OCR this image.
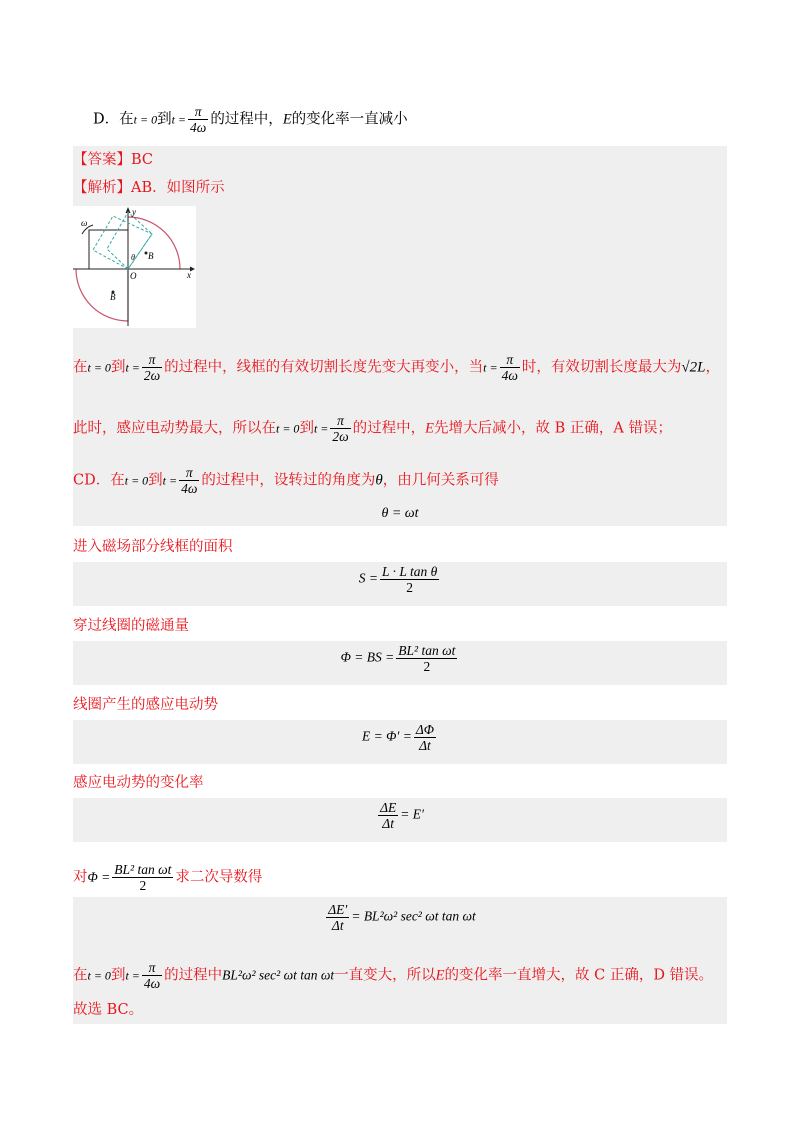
D．在t = 0到$t = \frac{\pi}{4\omega}$ 的过程中，E的变化率一直减小
【答案】BC
【解析】AB．如图所示
ω
y
x
O
θ B
B
在t = 0到$t = \frac{\pi}{2\omega}$ 的过程中，线框的有效切割长度先变大再变小，当$t = \frac{\pi}{4\omega}$ 时，有效切割长度最大为√2L，
此时，感应电动势最大，所以在t = 0到$t = \frac{\pi}{2\omega}$ 的过程中，E先增大后减小，故 B 正确，A 错误；
CD．在t = 0到$t = \frac{\pi}{4\omega}$ 的过程中，设转过的角度为θ，由几何关系可得
θ = ωt
进入磁场部分线框的面积
$S = \frac{\text{L · L tan θ}}{2}$
穿过线圈的磁通量
Φ = BS = $\frac{\text{BL² tan ωt}}{2}$
线圈产生的感应电动势
$E = \Phi' = \frac{\Delta\Phi}{\Delta t}$
感应电动势的变化率
$\frac{\Delta E}{\Delta t} = E'$
对$\Phi = \frac{\text{BL² tan ωt}}{2}$ 求二次导数得
$\frac{\Delta E'}{\Delta t} = BL^2\omega^2$ sec² ωt tan ωt
在t = 0到$t = \frac{\pi}{4\omega}$ 的过程中BL²ω² sec² ωt tan ωt一直变大，所以E的变化率一直增大，故 C 正确，D 错误。
故选 BC。
